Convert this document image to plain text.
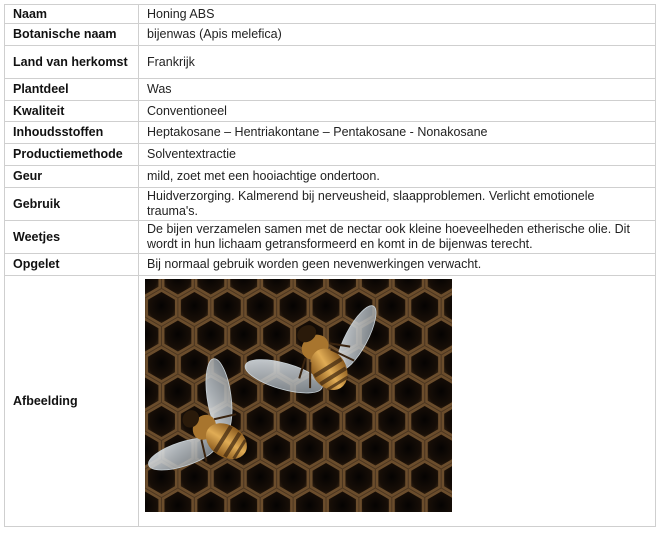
Naam	Honing ABS
Botanische naam	bijenwas (Apis melefica)
Land van herkomst	Frankrijk
Plantdeel	Was
Kwaliteit	Conventioneel
Inhoudsstoffen	Heptakosane – Hentriakontane – Pentakosane - Nonakosane
Productiemethode	Solventextractie
Geur	mild, zoet met een hooiachtige ondertoon.
Gebruik	Huidverzorging. Kalmerend bij nerveusheid, slaapproblemen. Verlicht emotionele trauma's.
Weetjes	De bijen verzamelen samen met de nectar ook kleine hoeveelheden etherische olie. Dit wordt in hun lichaam getransformeerd en komt in de bijenwas terecht.
Opgelet	Bij normaal gebruik worden geen nevenwerkingen verwacht.
Afbeelding	
